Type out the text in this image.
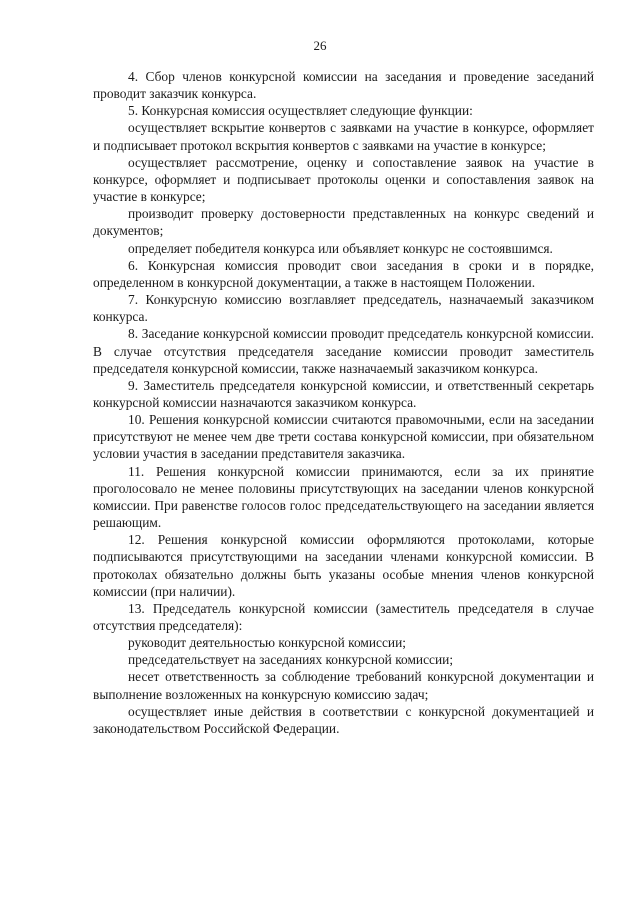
26

4. Сбор членов конкурсной комиссии на заседания и проведение заседаний проводит заказчик конкурса.

5. Конкурсная комиссия осуществляет следующие функции:

осуществляет вскрытие конвертов с заявками на участие в конкурсе, оформляет и подписывает протокол вскрытия конвертов с заявками на участие в конкурсе;

осуществляет рассмотрение, оценку и сопоставление заявок на участие в конкурсе, оформляет и подписывает протоколы оценки и сопоставления заявок на участие в конкурсе;

производит проверку достоверности представленных на конкурс сведений и документов;

определяет победителя конкурса или объявляет конкурс не состоявшимся.

6. Конкурсная комиссия проводит свои заседания в сроки и в порядке, определенном в конкурсной документации, а также в настоящем Положении.

7. Конкурсную комиссию возглавляет председатель, назначаемый заказчиком конкурса.

8. Заседание конкурсной комиссии проводит председатель конкурсной комиссии. В случае отсутствия председателя заседание комиссии проводит заместитель председателя конкурсной комиссии, также назначаемый заказчиком конкурса.

9. Заместитель председателя конкурсной комиссии, и ответственный секретарь конкурсной комиссии назначаются заказчиком конкурса.

10. Решения конкурсной комиссии считаются правомочными, если на заседании присутствуют не менее чем две трети состава конкурсной комиссии, при обязательном условии участия в заседании представителя заказчика.

11. Решения конкурсной комиссии принимаются, если за их принятие проголосовало не менее половины присутствующих на заседании членов конкурсной комиссии. При равенстве голосов голос председательствующего на заседании является решающим.

12. Решения конкурсной комиссии оформляются протоколами, которые подписываются присутствующими на заседании членами конкурсной комиссии. В протоколах обязательно должны быть указаны особые мнения членов конкурсной комиссии (при наличии).

13. Председатель конкурсной комиссии (заместитель председателя в случае отсутствия председателя):

руководит деятельностью конкурсной комиссии;

председательствует на заседаниях конкурсной комиссии;

несет ответственность за соблюдение требований конкурсной документации и выполнение возложенных на конкурсную комиссию задач;

осуществляет иные действия в соответствии с конкурсной документацией и законодательством Российской Федерации.
